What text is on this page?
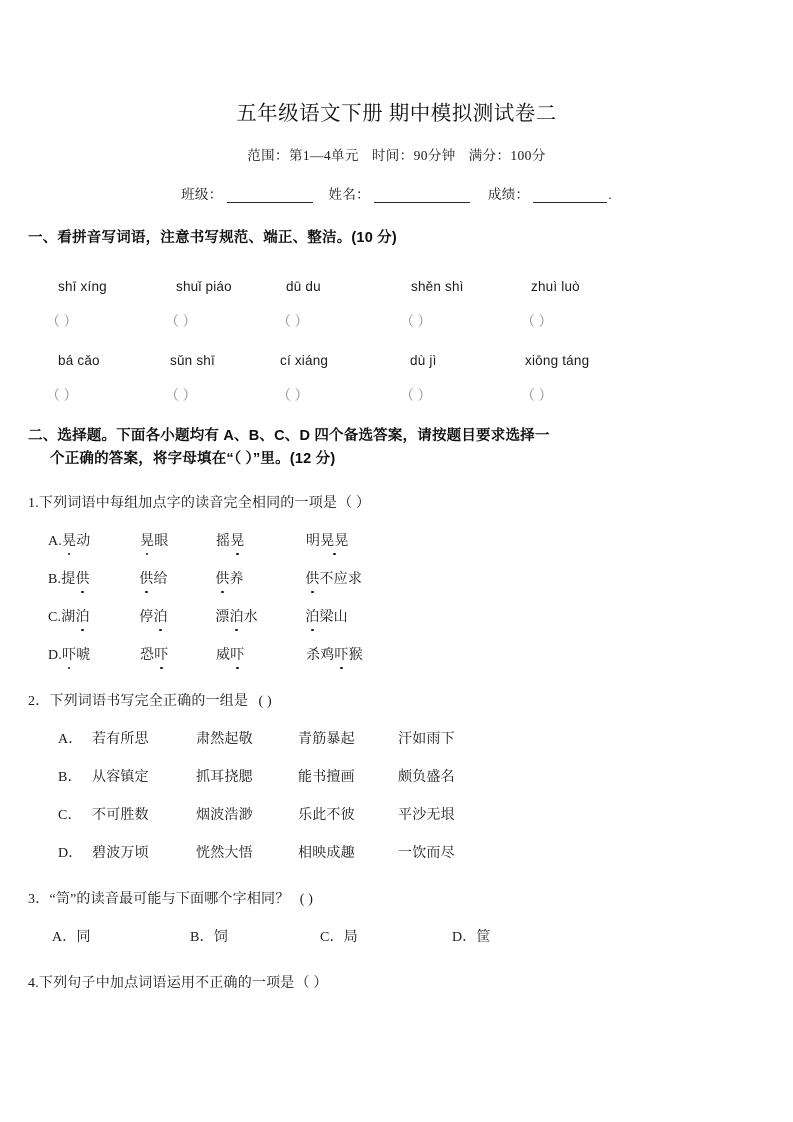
五年级语文下册 期中模拟测试卷二
范围：第1—4单元 时间：90分钟 满分：100分
班级：	姓名：	成绩：	.
一、看拼音写词语，注意书写规范、端正、整洁。(10 分)
shī xíng	shuǐ piáo	dū du	shěn shì	zhuì luò
（ ）	（ ）	（ ）	（ ）	（ ）
bá cǎo	sǔn shī	cí xiáng	dù jì	xiōng táng
（ ）	（ ）	（ ）	（ ）	（ ）
二、选择题。下面各小题均有 A、B、C、D 四个备选答案，请按题目要求选择一
个正确的答案，将字母填在“（ ）”里。(12 分)
1.下列词语中每组加点字的读音完全相同的一项是（ ）
A.晃动	晃眼	摇晃	明晃晃
B.提供	供给	供养	供不应求
C.湖泊	停泊	漂泊水	泊梁山
D.吓唬	恐吓	威吓	杀鸡吓猴
2．下列词语书写完全正确的一组是 ( )
A． 若有所思	肃然起敬	青筋暴起	汗如雨下
B． 从容镇定	抓耳挠腮	能书擅画	颇负盛名
C． 不可胜数	烟波浩渺	乐此不彼	平沙无垠
D． 碧波万顷	恍然大悟	相映成趣	一饮而尽
3．“笥”的读音最可能与下面哪个字相同？ ( )
A．同	B．饲	C．局	D．筐
4.下列句子中加点词语运用不正确的一项是（ ）
